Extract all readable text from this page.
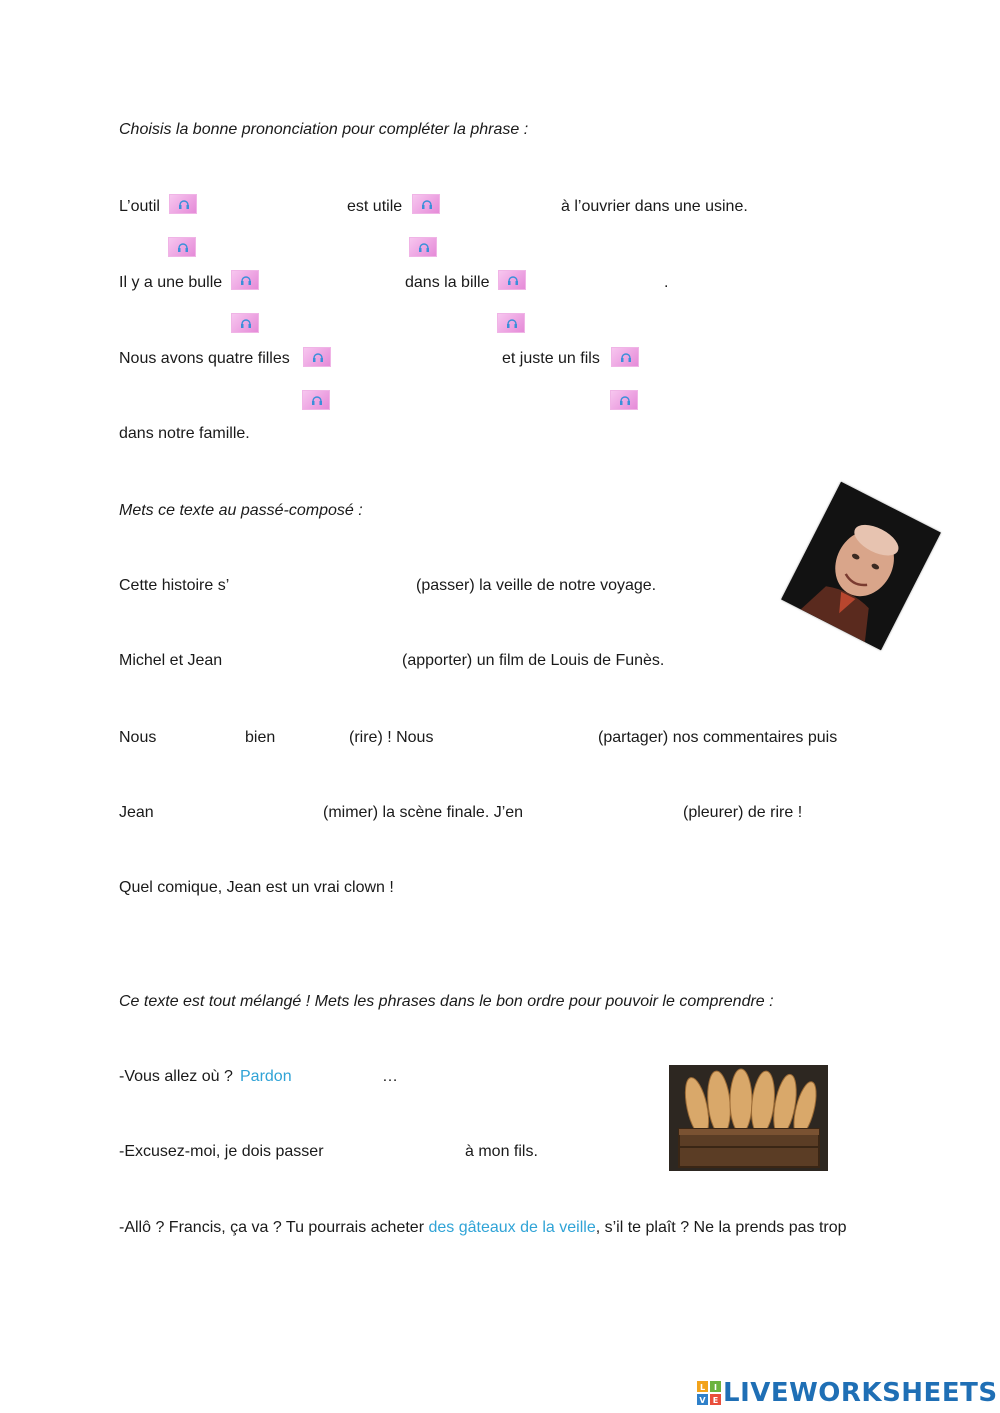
Choisis la bonne prononciation pour compléter la phrase :
L’outil	est utile	à l’ouvrier dans une usine.
Il y a une bulle	dans la bille	.
Nous avons quatre filles	et juste un fils
dans notre famille.
Mets ce texte au passé-composé :
Cette histoire s’	(passer) la veille de notre voyage.
Michel et Jean	(apporter) un film de Louis de Funès.
Nous	bien	(rire) ! Nous	(partager) nos commentaires puis
Jean	(mimer) la scène finale. J’en	(pleurer) de rire !
Quel comique, Jean est un vrai clown !
Ce texte est tout mélangé ! Mets les phrases dans le bon ordre pour pouvoir le comprendre :
-Vous allez où ? Pardon	…
-Excusez-moi, je dois passer	à mon fils.
-Allô ? Francis, ça va ? Tu pourrais acheter des gâteaux de la veille, s’il te plaît ? Ne la prends pas trop
L I
V E LIVEWORKSHEETS
